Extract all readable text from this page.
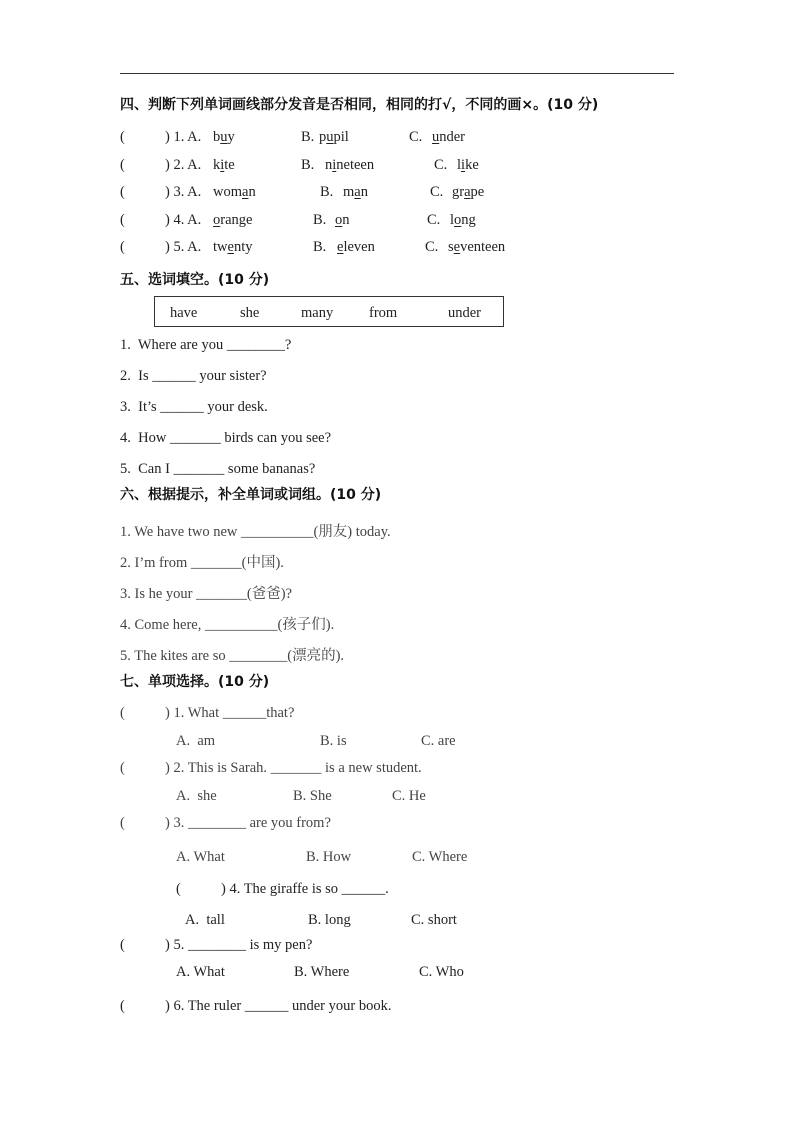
四、判断下列单词画线部分发音是否相同，相同的打√，不同的画×。(10 分)
(	) 1. A. buy	B. pupil	C. under
(	) 2. A. kite	B. nineteen	C. like
(	) 3. A. woman	B. man	C. grape
(	) 4. A. orange	B. on	C. long
(	) 5. A. twenty	B. eleven	C. seventeen
五、选词填空。(10 分)
have	she	many from	under
1.  Where are you ________?
2.  Is ______ your sister?
3.  It’s ______ your desk.
4.  How _______ birds can you see?
5.  Can I _______ some bananas?
六、根据提示，补全单词或词组。(10 分)
1. We have two new __________(朋友) today.
2. I’m from _______(中国).
3. Is he your _______(爸爸)?
4. Come here, __________(孩子们).
5. The kites are so ________(漂亮的).
七、单项选择。(10 分)
(	) 1. What ______that?
A.  am	B. is	C. are
(	) 2. This is Sarah. _______ is a new student.
A.  she	B. She	C. He
(	) 3. ________ are you from?
A. What	B. How	C. Where
(	) 4. The giraffe is so ______.
A.  tall	B. long	C. short
(	) 5. ________ is my pen?
A. What	B. Where	C. Who
(	) 6. The ruler ______ under your book.
